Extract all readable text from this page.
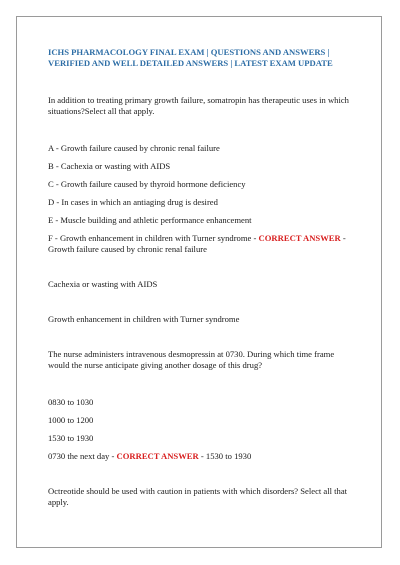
ICHS PHARMACOLOGY FINAL EXAM | QUESTIONS AND ANSWERS | VERIFIED AND WELL DETAILED ANSWERS | LATEST EXAM UPDATE

In addition to treating primary growth failure, somatropin has therapeutic uses in which situations?Select all that apply.

A - Growth failure caused by chronic renal failure

B - Cachexia or wasting with AIDS

C - Growth failure caused by thyroid hormone deficiency

D - In cases in which an antiaging drug is desired

E - Muscle building and athletic performance enhancement

F - Growth enhancement in children with Turner syndrome - CORRECT ANSWER - Growth failure caused by chronic renal failure

Cachexia or wasting with AIDS

Growth enhancement in children with Turner syndrome

The nurse administers intravenous desmopressin at 0730. During which time frame would the nurse anticipate giving another dosage of this drug?

0830 to 1030

1000 to 1200

1530 to 1930

0730 the next day - CORRECT ANSWER - 1530 to 1930

Octreotide should be used with caution in patients with which disorders? Select all that apply.
